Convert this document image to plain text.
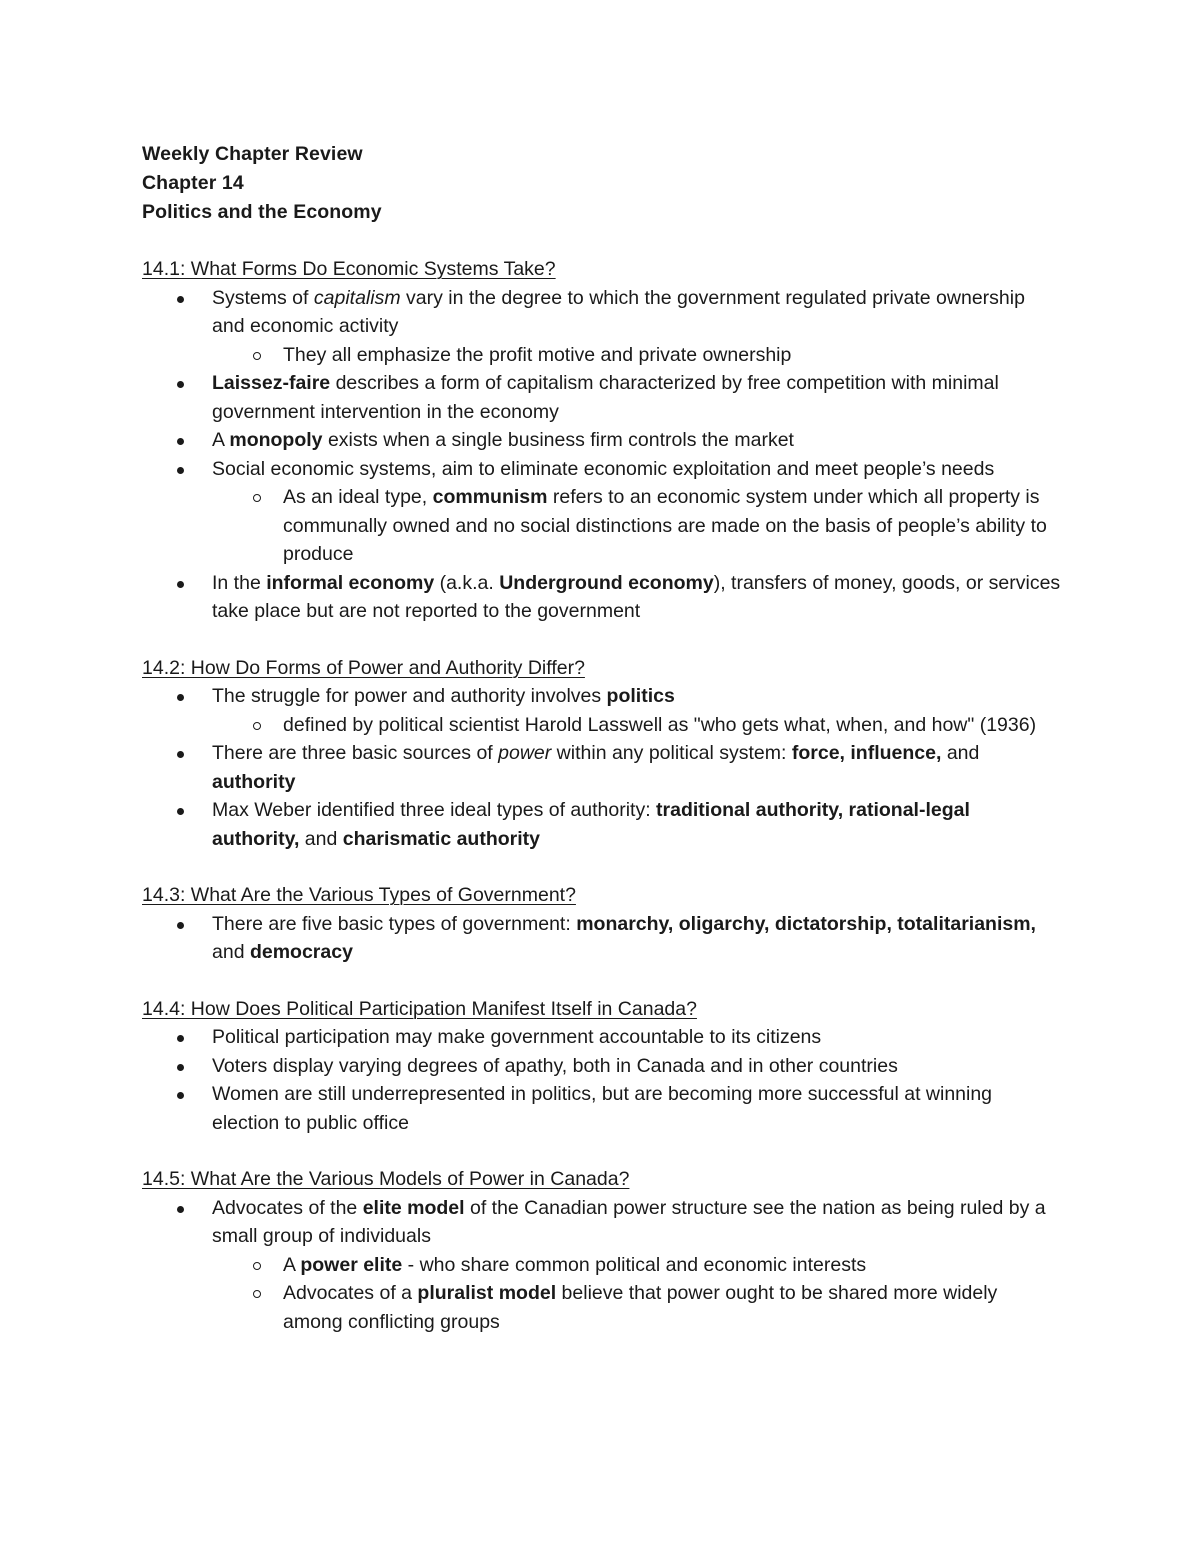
Weekly Chapter Review
Chapter 14
Politics and the Economy
14.1: What Forms Do Economic Systems Take?
Systems of capitalism vary in the degree to which the government regulated private ownership and economic activity
They all emphasize the profit motive and private ownership
Laissez-faire describes a form of capitalism characterized by free competition with minimal government intervention in the economy
A monopoly exists when a single business firm controls the market
Social economic systems, aim to eliminate economic exploitation and meet people’s needs
As an ideal type, communism refers to an economic system under which all property is communally owned and no social distinctions are made on the basis of people’s ability to produce
In the informal economy (a.k.a. Underground economy), transfers of money, goods, or services take place but are not reported to the government
14.2: How Do Forms of Power and Authority Differ?
The struggle for power and authority involves politics
defined by political scientist Harold Lasswell as "who gets what, when, and how" (1936)
There are three basic sources of power within any political system: force, influence, and authority
Max Weber identified three ideal types of authority: traditional authority, rational-legal authority, and charismatic authority
14.3: What Are the Various Types of Government?
There are five basic types of government: monarchy, oligarchy, dictatorship, totalitarianism, and democracy
14.4: How Does Political Participation Manifest Itself in Canada?
Political participation may make government accountable to its citizens
Voters display varying degrees of apathy, both in Canada and in other countries
Women are still underrepresented in politics, but are becoming more successful at winning election to public office
14.5: What Are the Various Models of Power in Canada?
Advocates of the elite model of the Canadian power structure see the nation as being ruled by a small group of individuals
A power elite - who share common political and economic interests
Advocates of a pluralist model believe that power ought to be shared more widely among conflicting groups
